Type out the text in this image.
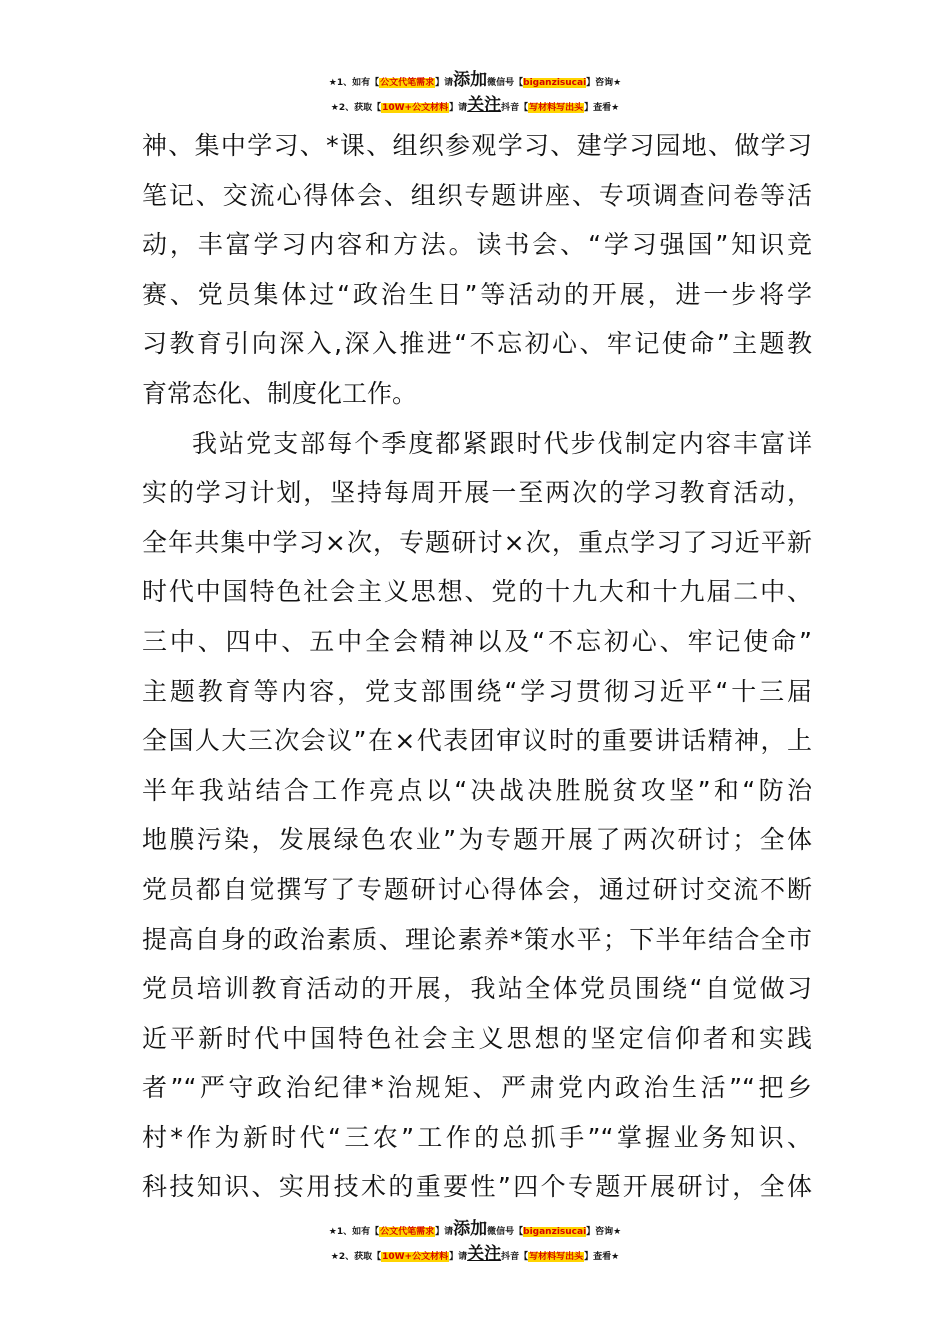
★1、如有【公文代笔需求】请添加微信号【biganzisucai】咨询★
★2、获取【10W+公文材料】请关注抖音【写材料写出头】查看★
神、集中学习、*课、组织参观学习、建学习园地、做学习
笔记、交流心得体会、组织专题讲座、专项调查问卷等活
动，丰富学习内容和方法。读书会、“学习强国”知识竞
赛、党员集体过“政治生日”等活动的开展，进一步将学
习教育引向深入,深入推进“不忘初心、牢记使命”主题教
育常态化、制度化工作。
我站党支部每个季度都紧跟时代步伐制定内容丰富详
实的学习计划，坚持每周开展一至两次的学习教育活动，
全年共集中学习×次，专题研讨×次，重点学习了习近平新
时代中国特色社会主义思想、党的十九大和十九届二中、
三中、四中、五中全会精神以及“不忘初心、牢记使命”
主题教育等内容，党支部围绕“学习贯彻习近平“十三届
全国人大三次会议”在×代表团审议时的重要讲话精神，上
半年我站结合工作亮点以“决战决胜脱贫攻坚”和“防治
地膜污染，发展绿色农业”为专题开展了两次研讨；全体
党员都自觉撰写了专题研讨心得体会，通过研讨交流不断
提高自身的政治素质、理论素养*策水平；下半年结合全市
党员培训教育活动的开展，我站全体党员围绕“自觉做习
近平新时代中国特色社会主义思想的坚定信仰者和实践
者”“严守政治纪律*治规矩、严肃党内政治生活”“把乡
村*作为新时代“三农”工作的总抓手”“掌握业务知识、
科技知识、实用技术的重要性”四个专题开展研讨，全体
★1、如有【公文代笔需求】请添加微信号【biganzisucai】咨询★
★2、获取【10W+公文材料】请关注抖音【写材料写出头】查看★
